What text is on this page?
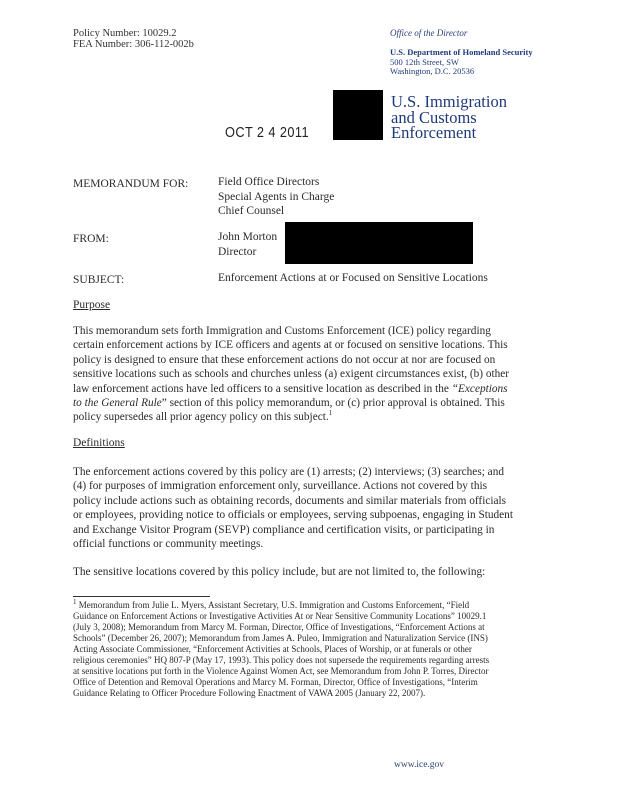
Policy Number: 10029.2
FEA Number: 306-112-002b
Office of the Director
U.S. Department of Homeland Security
500 12th Street, SW
Washington, D.C. 20536
U.S. Immigration
and Customs
Enforcement
OCT 2 4 2011
MEMORANDUM FOR:	Field Office Directors
Special Agents in Charge
Chief Counsel
FROM:	John Morton
Director
SUBJECT:	Enforcement Actions at or Focused on Sensitive Locations
Purpose
This memorandum sets forth Immigration and Customs Enforcement (ICE) policy regarding
certain enforcement actions by ICE officers and agents at or focused on sensitive locations. This
policy is designed to ensure that these enforcement actions do not occur at nor are focused on
sensitive locations such as schools and churches unless (a) exigent circumstances exist, (b) other
law enforcement actions have led officers to a sensitive location as described in the “Exceptions
to the General Rule” section of this policy memorandum, or (c) prior approval is obtained. This
policy supersedes all prior agency policy on this subject.$^1$
Definitions
The enforcement actions covered by this policy are (1) arrests; (2) interviews; (3) searches; and
(4) for purposes of immigration enforcement only, surveillance. Actions not covered by this
policy include actions such as obtaining records, documents and similar materials from officials
or employees, providing notice to officials or employees, serving subpoenas, engaging in Student
and Exchange Visitor Program (SEVP) compliance and certification visits, or participating in
official functions or community meetings.
The sensitive locations covered by this policy include, but are not limited to, the following:
$^1$ Memorandum from Julie L. Myers, Assistant Secretary, U.S. Immigration and Customs Enforcement, “Field
Guidance on Enforcement Actions or Investigative Activities At or Near Sensitive Community Locations” 10029.1
(July 3, 2008); Memorandum from Marcy M. Forman, Director, Office of Investigations, “Enforcement Actions at
Schools” (December 26, 2007); Memorandum from James A. Puleo, Immigration and Naturalization Service (INS)
Acting Associate Commissioner, “Enforcement Activities at Schools, Places of Worship, or at funerals or other
religious ceremonies” HQ 807-P (May 17, 1993). This policy does not supersede the requirements regarding arrests
at sensitive locations put forth in the Violence Against Women Act, see Memorandum from John P. Torres, Director
Office of Detention and Removal Operations and Marcy M. Forman, Director, Office of Investigations, “Interim
Guidance Relating to Officer Procedure Following Enactment of VAWA 2005 (January 22, 2007).
www.ice.gov
